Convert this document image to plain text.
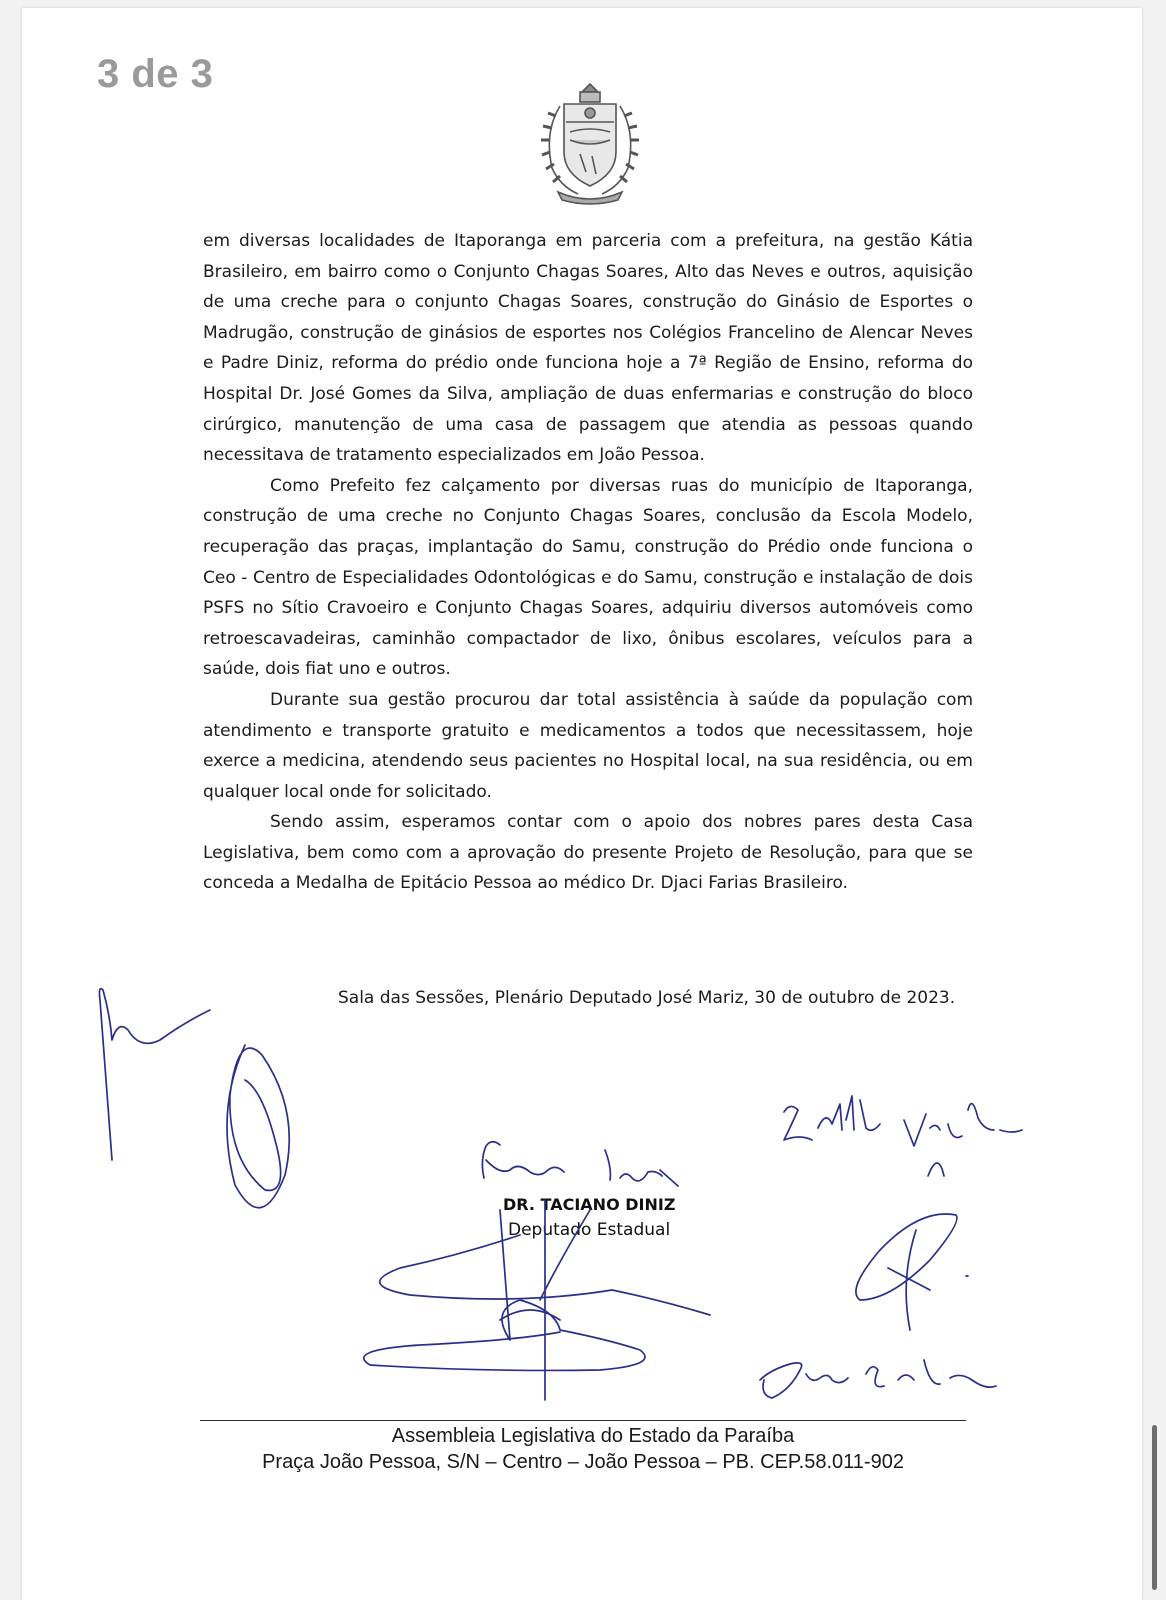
3 de 3

em diversas localidades de Itaporanga em parceria com a prefeitura, na gestão Kátia Brasileiro, em bairro como o Conjunto Chagas Soares, Alto das Neves e outros, aquisição de uma creche para o conjunto Chagas Soares, construção do Ginásio de Esportes o Madrugão, construção de ginásios de esportes nos Colégios Francelino de Alencar Neves e Padre Diniz, reforma do prédio onde funciona hoje a 7ª Região de Ensino, reforma do Hospital Dr. José Gomes da Silva, ampliação de duas enfermarias e construção do bloco cirúrgico, manutenção de uma casa de passagem que atendia as pessoas quando necessitava de tratamento especializados em João Pessoa.

Como Prefeito fez calçamento por diversas ruas do município de Itaporanga, construção de uma creche no Conjunto Chagas Soares, conclusão da Escola Modelo, recuperação das praças, implantação do Samu, construção do Prédio onde funciona o Ceo - Centro de Especialidades Odontológicas e do Samu, construção e instalação de dois PSFS no Sítio Cravoeiro e Conjunto Chagas Soares, adquiriu diversos automóveis como retroescavadeiras, caminhão compactador de lixo, ônibus escolares, veículos para a saúde, dois fiat uno e outros.

Durante sua gestão procurou dar total assistência à saúde da população com atendimento e transporte gratuito e medicamentos a todos que necessitassem, hoje exerce a medicina, atendendo seus pacientes no Hospital local, na sua residência, ou em qualquer local onde for solicitado.

Sendo assim, esperamos contar com o apoio dos nobres pares desta Casa Legislativa, bem como com a aprovação do presente Projeto de Resolução, para que se conceda a Medalha de Epitácio Pessoa ao médico Dr. Djaci Farias Brasileiro.

Sala das Sessões, Plenário Deputado José Mariz, 30 de outubro de 2023.
DR. TACIANO DINIZ
Deputado Estadual
Assembleia Legislativa do Estado da Paraíba
Praça João Pessoa, S/N – Centro – João Pessoa – PB. CEP.58.011-902
